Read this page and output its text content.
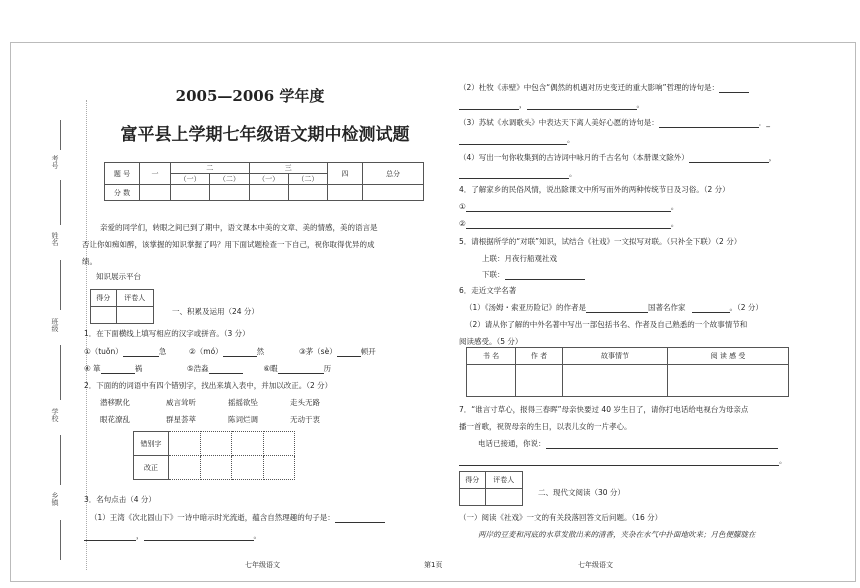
考号
姓名
班级
学校
乡镇
2005—2006 学年度
富平县上学期七年级语文期中检测试题
题 号	一	二		三		四	总分
		（一）	（二）	（一）	（二）		
分 数							
亲爱的同学们，转眼之间已到了期中，语文课本中美的文章、美的情感，美的语言是
否让你如痴如醉，该掌握的知识掌握了吗？用下面试题检查一下自己，祝你取得优异的成
绩。
知识展示平台
得分	评卷人

一、积累及运用（24 分）
1．在下面横线上填写相应的汉字或拼音。（3 分）
①（tuǒn）	急	②（mó）	然	③茅（sè）	顿开
④ 箪	祸	⑤浩淼	⑥暇	历
2．下面的的词语中有四个错别字，找出来填入表中，并加以改正。（2 分）
潜移默化	威言耸听	摇摇欲坠	走头无路
眼花潦乱	群星荟萃	陈词烂调	无动于衷
错别字				
改正				
3．名句点击（4 分）
（1）王湾《次北固山下》一诗中暗示时光流逝，蕴含自然理趣的句子是：
，	。
七年级语文	第1页	七年级语文
（2）杜牧《赤壁》中包含“偶然的机遇对历史变迁的重大影响”哲理的诗句是：
，	。
（3）苏轼《水调歌头》中表达天下离人美好心愿的诗句是：	．_
。
（4）写出一句你收集到的古诗词中咏月的千古名句（本册课文除外）	，
。
4．了解家乡的民俗风情，说出除课文中所写而外的两种传统节日及习俗。（2 分）
①	。
②	。
5．请根据所学的“对联”知识，试结合《社戏》一文拟写对联。（只补全下联）（2 分）
上联：月夜行船观社戏
下联：
6．走近文学名著
（1）《汤姆・索亚历险记》的作者是	国著名作家	。（2 分）
（2）请从你了解的中外名著中写出一部包括书名、作者及自己熟悉的一个故事情节和
阅读感受。（5 分）
书 名	作 者	故事情节	阅 读 感 受

7．“谁言寸草心，报得三春晖”母亲快要过 40 岁生日了，请你打电话给电视台为母亲点
播一首歌，祝贺母亲的生日，以表儿女的一片孝心。
电话已接通，你说：
。
得分	评卷人

二、现代文阅读（30 分）
（一）阅读《社戏》一文的有关段落回答文后问题。（16 分）
两岸的豆麦和河底的水草发散出来的清香，夹杂在水气中扑面地吹来；月色便朦胧在
